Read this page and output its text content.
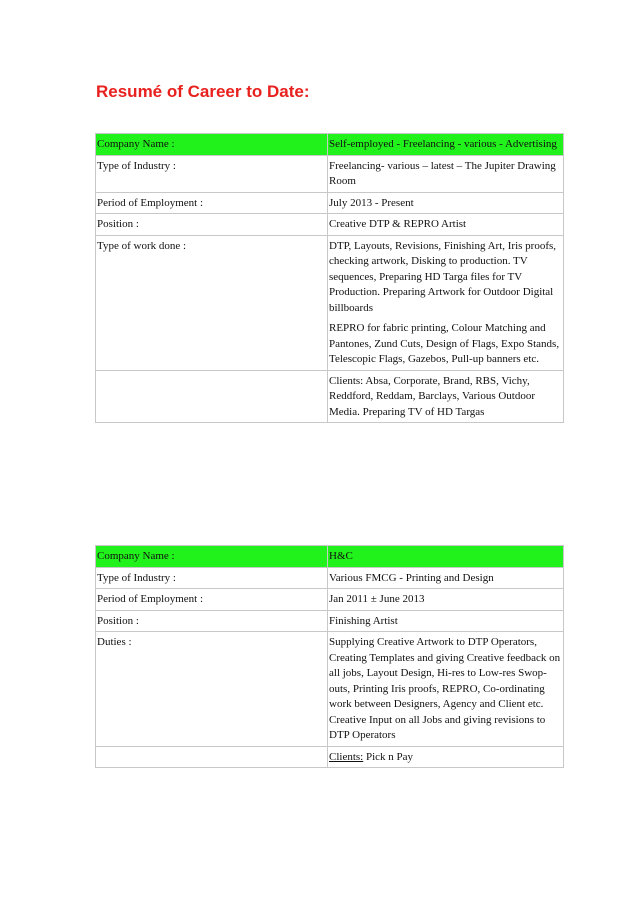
Resumé of Career to Date:
Company Name :	Self-employed - Freelancing - various - Advertising

Type of Industry :	Freelancing- various – latest – The Jupiter Drawing Room

Period of Employment :	July 2013 - Present

Position :	Creative DTP & REPRO Artist

Type of work done :	DTP, Layouts, Revisions, Finishing Art, Iris proofs, checking artwork, Disking to production. TV sequences, Preparing HD Targa files for TV Production. Preparing Artwork for Outdoor Digital billboards

REPRO for fabric printing, Colour Matching and Pantones, Zund Cuts, Design of Flags, Expo Stands, Telescopic Flags, Gazebos, Pull-up banners etc.

	Clients: Absa, Corporate, Brand, RBS, Vichy, Reddford, Reddam, Barclays, Various Outdoor Media. Preparing TV of HD Targas

Company Name :	H&C

Type of Industry :	Various FMCG - Printing and Design

Period of Employment :	Jan 2011 ± June 2013

Position :	Finishing Artist

Duties :	Supplying Creative Artwork to DTP Operators, Creating Templates and giving Creative feedback on all jobs, Layout Design, Hi-res to Low-res Swop-outs, Printing Iris proofs, REPRO, Co-ordinating work between Designers, Agency and Client etc. Creative Input on all Jobs and giving revisions to DTP Operators

	Clients: Pick n Pay
